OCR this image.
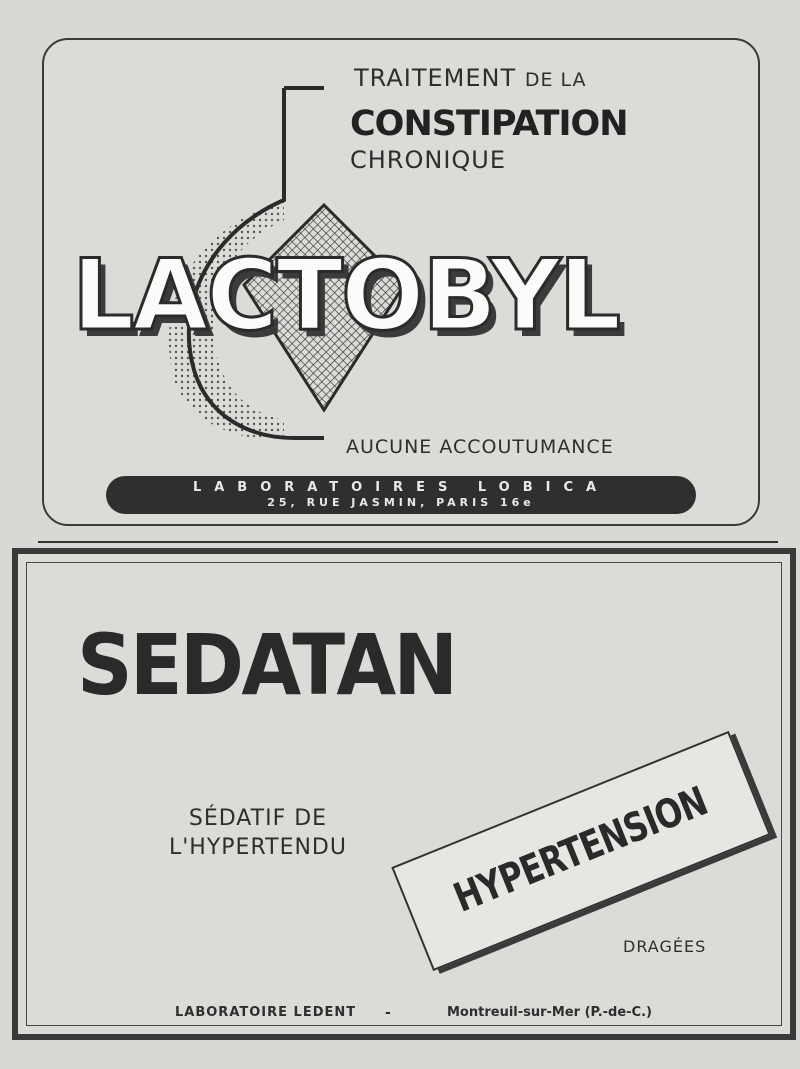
TRAITEMENT DE LA
CONSTIPATION
CHRONIQUE
LACTOBYL
AUCUNE ACCOUTUMANCE
LABORATOIRES LOBICA
25, RUE JASMIN, PARIS 16e
SEDATAN
SÉDATIF DE
L'HYPERTENDU	HYPERTENSION
DRAGÉES
LABORATOIRE LEDENT -	Montreuil-sur-Mer (P.-de-C.)
